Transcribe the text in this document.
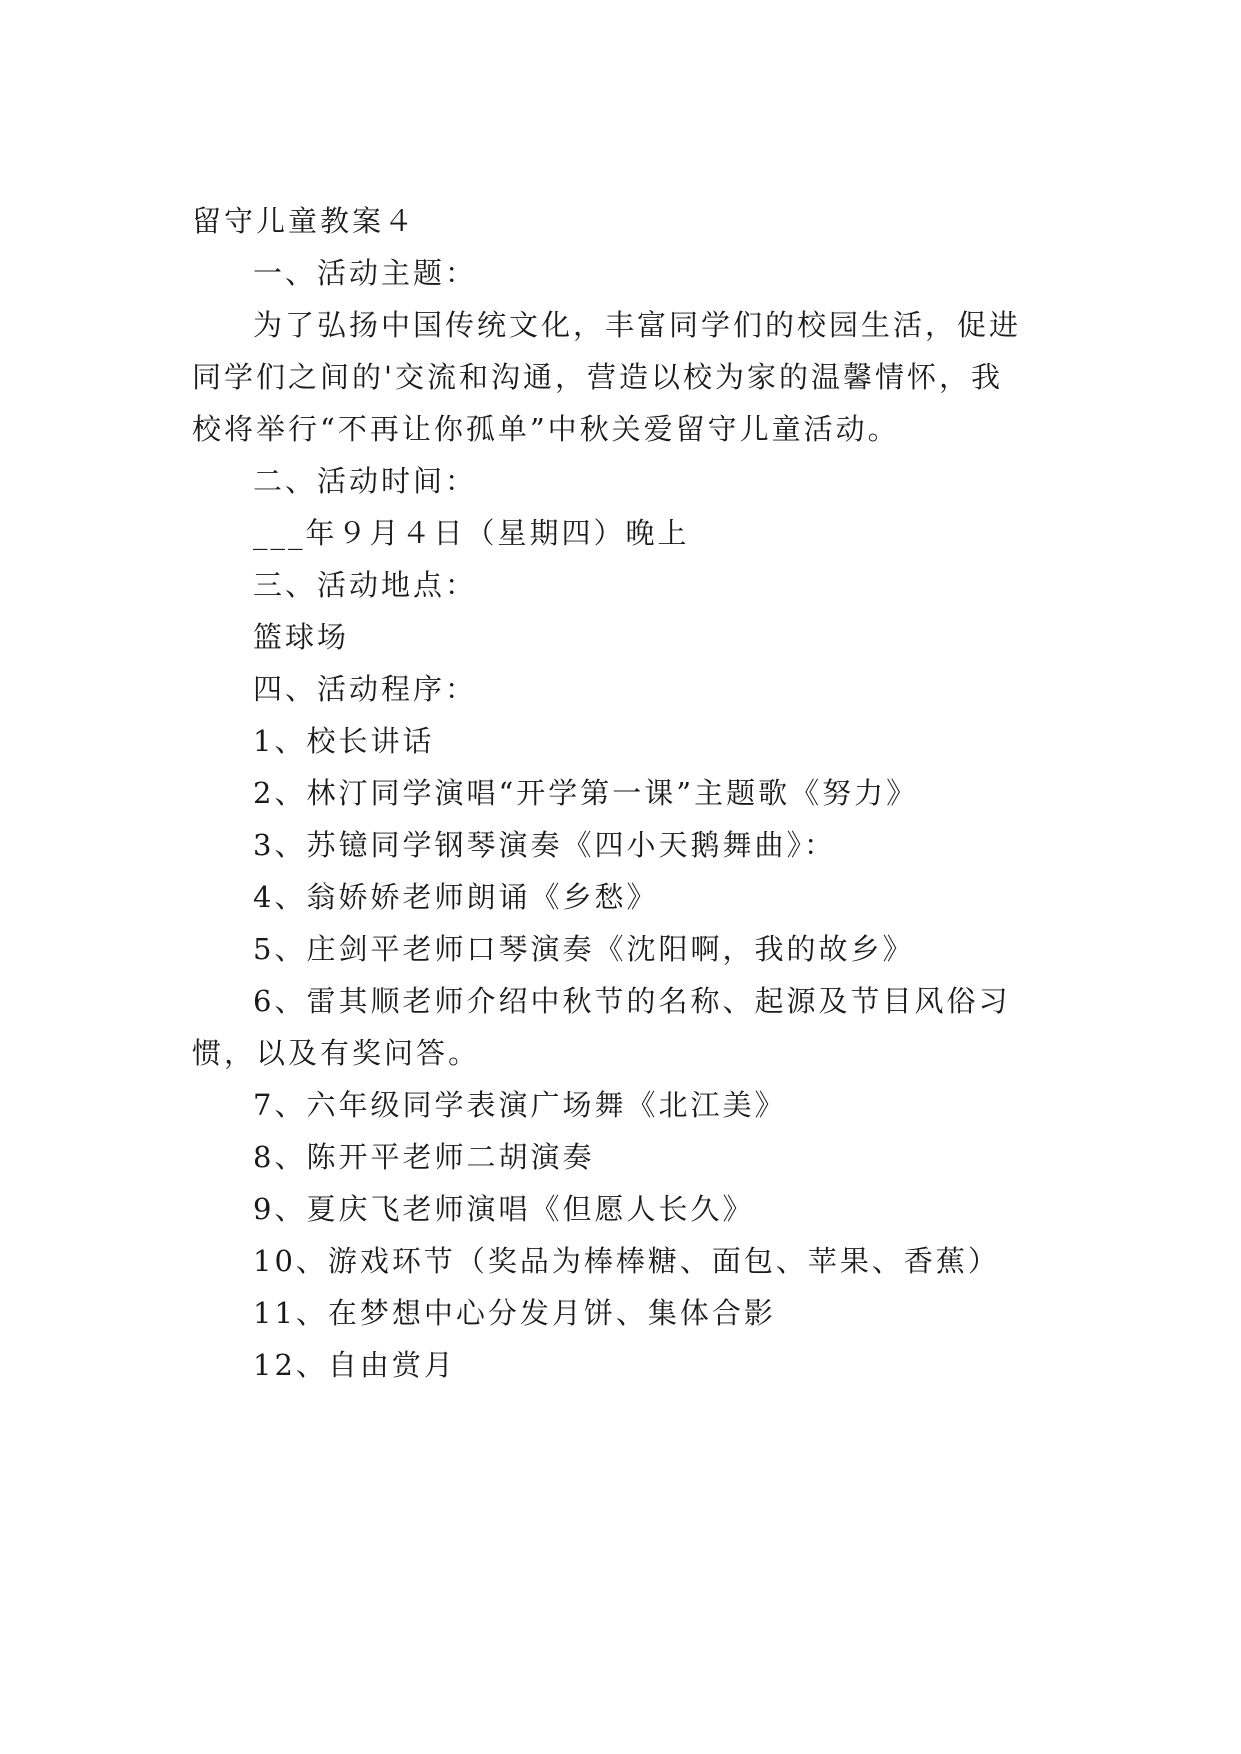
留守儿童教案４
一、活动主题：
为了弘扬中国传统文化，丰富同学们的校园生活，促进
同学们之间的'交流和沟通，营造以校为家的温馨情怀，我
校将举行“不再让你孤单”中秋关爱留守儿童活动。
二、活动时间：
___年９月４日（星期四）晚上
三、活动地点：
篮球场
四、活动程序：
1、校长讲话
2、林汀同学演唱“开学第一课”主题歌《努力》
3、苏镱同学钢琴演奏《四小天鹅舞曲》：
4、翁娇娇老师朗诵《乡愁》
5、庄剑平老师口琴演奏《沈阳啊，我的故乡》
6、雷其顺老师介绍中秋节的名称、起源及节目风俗习
惯，以及有奖问答。
7、六年级同学表演广场舞《北江美》
8、陈开平老师二胡演奏
9、夏庆飞老师演唱《但愿人长久》
10、游戏环节（奖品为棒棒糖、面包、苹果、香蕉）
11、在梦想中心分发月饼、集体合影
12、自由赏月
